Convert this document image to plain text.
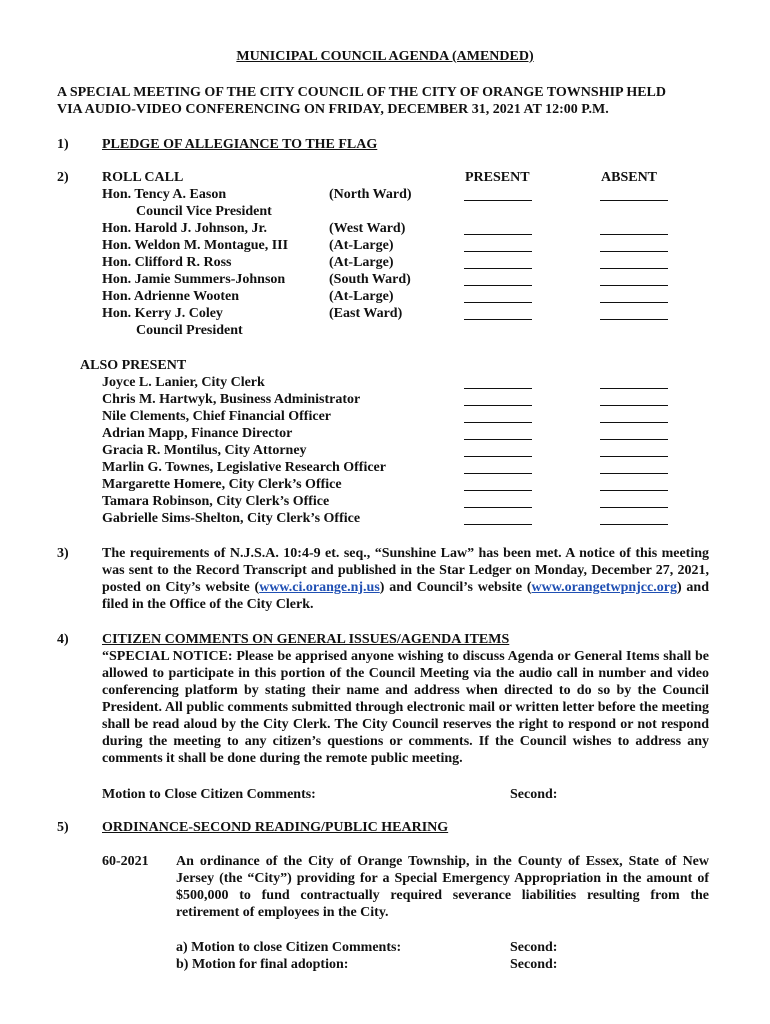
MUNICIPAL COUNCIL AGENDA (AMENDED)
A SPECIAL MEETING OF THE CITY COUNCIL OF THE CITY OF ORANGE TOWNSHIP HELD
VIA AUDIO-VIDEO CONFERENCING ON FRIDAY, DECEMBER 31, 2021 AT 12:00 P.M.
1) PLEDGE OF ALLEGIANCE TO THE FLAG
2) ROLL CALL	PRESENT	ABSENT
Hon. Tency A. Eason	(North Ward)
Council Vice President
Hon. Harold J. Johnson, Jr.	(West Ward)
Hon. Weldon M. Montague, III	(At-Large)
Hon. Clifford R. Ross	(At-Large)
Hon. Jamie Summers-Johnson	(South Ward)
Hon. Adrienne Wooten	(At-Large)
Hon. Kerry J. Coley	(East Ward)
Council President
ALSO PRESENT
Joyce L. Lanier, City Clerk
Chris M. Hartwyk, Business Administrator
Nile Clements, Chief Financial Officer
Adrian Mapp, Finance Director
Gracia R. Montilus, City Attorney
Marlin G. Townes, Legislative Research Officer
Margarette Homere, City Clerk’s Office
Tamara Robinson, City Clerk’s Office
Gabrielle Sims-Shelton, City Clerk’s Office
3) The requirements of N.J.S.A. 10:4-9 et. seq., “Sunshine Law” has been met. A notice of this meeting was sent to the Record Transcript and published in the Star Ledger on Monday, December 27, 2021, posted on City’s website (www.ci.orange.nj.us) and Council’s website (www.orangetwpnjcc.org) and filed in the Office of the City Clerk.
4) CITIZEN COMMENTS ON GENERAL ISSUES/AGENDA ITEMS
“SPECIAL NOTICE: Please be apprised anyone wishing to discuss Agenda or General Items shall be allowed to participate in this portion of the Council Meeting via the audio call in number and video conferencing platform by stating their name and address when directed to do so by the Council President. All public comments submitted through electronic mail or written letter before the meeting shall be read aloud by the City Clerk. The City Council reserves the right to respond or not respond during the meeting to any citizen’s questions or comments. If the Council wishes to address any comments it shall be done during the remote public meeting.
Motion to Close Citizen Comments:	Second:
5) ORDINANCE-SECOND READING/PUBLIC HEARING
60-2021 An ordinance of the City of Orange Township, in the County of Essex, State of New Jersey (the “City”) providing for a Special Emergency Appropriation in the amount of $500,000 to fund contractually required severance liabilities resulting from the retirement of employees in the City.
a) Motion to close Citizen Comments:	Second:
b) Motion for final adoption:	Second:
